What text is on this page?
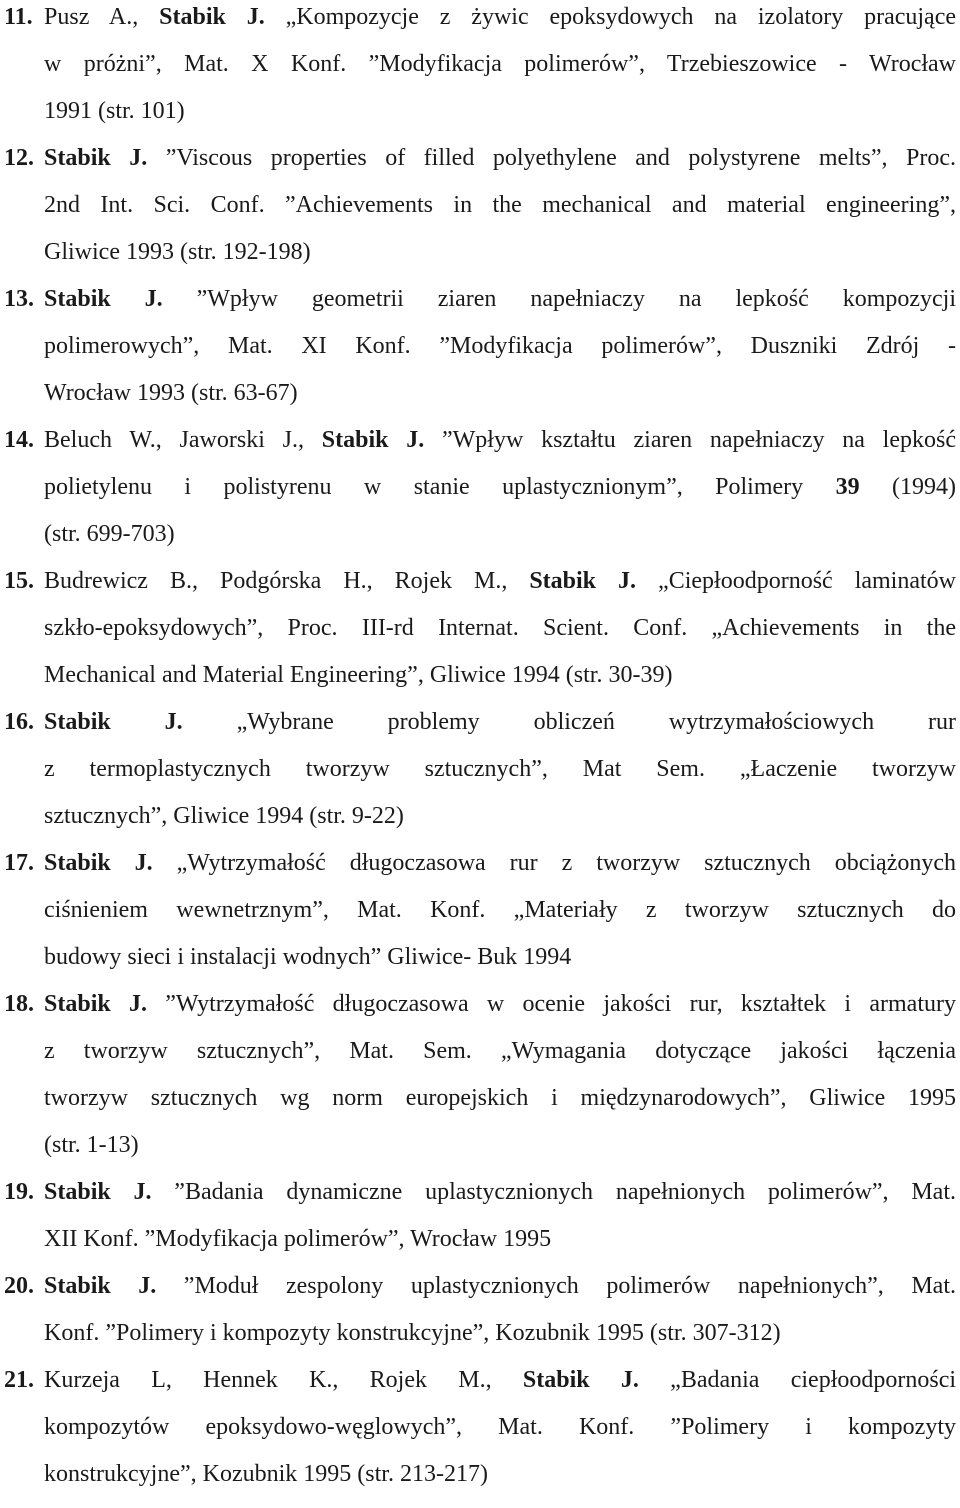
11. Pusz A., Stabik J. „Kompozycje z żywic epoksydowych na izolatory pracujące
w próżni”, Mat. X Konf. ”Modyfikacja polimerów”, Trzebieszowice - Wrocław
1991 (str. 101)
12. Stabik J. ”Viscous properties of filled polyethylene and polystyrene melts”, Proc.
2nd Int. Sci. Conf. ”Achievements in the mechanical and material engineering”,
Gliwice 1993 (str. 192-198)
13. Stabik J. ”Wpływ geometrii ziaren napełniaczy na lepkość kompozycji
polimerowych”, Mat. XI Konf. ”Modyfikacja polimerów”, Duszniki Zdrój -
Wrocław 1993 (str. 63-67)
14. Beluch W., Jaworski J., Stabik J. ”Wpływ kształtu ziaren napełniaczy na lepkość
polietylenu i polistyrenu w stanie uplastycznionym”, Polimery 39 (1994)
(str. 699-703)
15. Budrewicz B., Podgórska H., Rojek M., Stabik J. „Ciepłoodporność laminatów
szkło-epoksydowych”, Proc. III-rd Internat. Scient. Conf. „Achievements in the
Mechanical and Material Engineering”, Gliwice 1994 (str. 30-39)
16. Stabik J. „Wybrane problemy obliczeń wytrzymałościowych rur
z termoplastycznych tworzyw sztucznych”, Mat Sem. „Łaczenie tworzyw
sztucznych”, Gliwice 1994 (str. 9-22)
17. Stabik J. „Wytrzymałość długoczasowa rur z tworzyw sztucznych obciążonych
ciśnieniem wewnetrznym”, Mat. Konf. „Materiały z tworzyw sztucznych do
budowy sieci i instalacji wodnych” Gliwice- Buk 1994
18. Stabik J. ”Wytrzymałość długoczasowa w ocenie jakości rur, kształtek i armatury
z tworzyw sztucznych”, Mat. Sem. „Wymagania dotyczące jakości łączenia
tworzyw sztucznych wg norm europejskich i międzynarodowych”, Gliwice 1995
(str. 1-13)
19. Stabik J. ”Badania dynamiczne uplastycznionych napełnionych polimerów”, Mat.
XII Konf. ”Modyfikacja polimerów”, Wrocław 1995
20. Stabik J. ”Moduł zespolony uplastycznionych polimerów napełnionych”, Mat.
Konf. ”Polimery i kompozyty konstrukcyjne”, Kozubnik 1995 (str. 307-312)
21. Kurzeja L, Hennek K., Rojek M., Stabik J. „Badania ciepłoodporności
kompozytów epoksydowo-węglowych”, Mat. Konf. ”Polimery i kompozyty
konstrukcyjne”, Kozubnik 1995 (str. 213-217)
